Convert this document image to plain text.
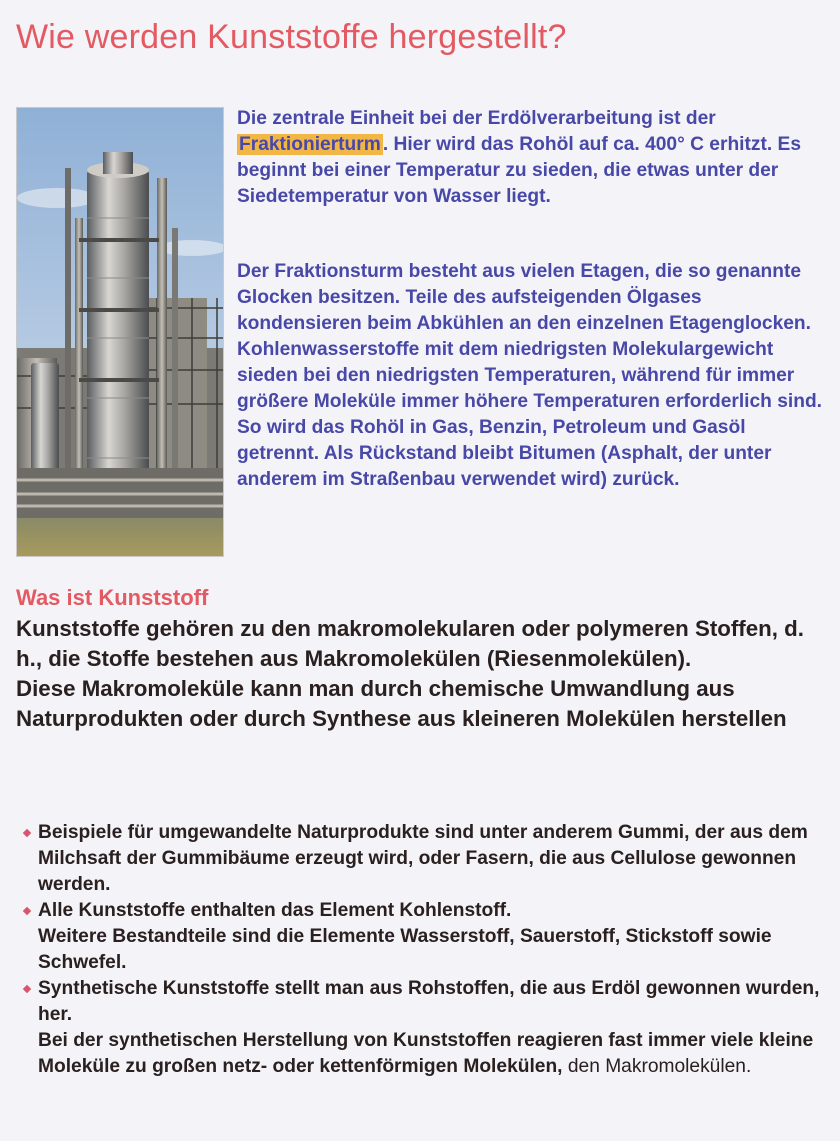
Wie werden Kunststoffe hergestellt?

Die zentrale Einheit bei der Erdölverarbeitung ist der Fraktionierturm . Hier wird das Rohöl auf ca. 400° C erhitzt. Es beginnt bei einer Temperatur zu sieden, die etwas unter der Siedetemperatur von Wasser liegt.

Der Fraktionsturm besteht aus vielen Etagen, die so genannte Glocken besitzen. Teile des aufsteigenden Ölgases kondensieren beim Abkühlen an den einzelnen Etagenglocken. Kohlenwasserstoffe mit dem niedrigsten Molekulargewicht sieden bei den niedrigsten Temperaturen, während für immer größere Moleküle immer höhere Temperaturen erforderlich sind. So wird das Rohöl in Gas, Benzin, Petroleum und Gasöl getrennt. Als Rückstand bleibt Bitumen (Asphalt, der unter anderem im Straßenbau verwendet wird) zurück.

Was ist Kunststoff

Kunststoffe gehören zu den makromolekularen oder polymeren Stoffen, d. h., die Stoffe bestehen aus Makromolekülen (Riesenmolekülen).

Diese Makromoleküle kann man durch chemische Umwandlung aus Naturprodukten oder durch Synthese aus kleineren Molekülen herstellen

Beispiele für umgewandelte Naturprodukte sind unter anderem Gummi, der aus dem Milchsaft der Gummibäume erzeugt wird, oder Fasern, die aus Cellulose gewonnen werden.
Alle Kunststoffe enthalten das Element Kohlenstoff.
Weitere Bestandteile sind die Elemente Wasserstoff, Sauerstoff, Stickstoff sowie Schwefel.
Synthetische Kunststoffe stellt man aus Rohstoffen, die aus Erdöl gewonnen wurden, her.
Bei der synthetischen Herstellung von Kunststoffen reagieren fast immer viele kleine Moleküle zu großen netz- oder kettenförmigen Molekülen, den Makromolekülen.
